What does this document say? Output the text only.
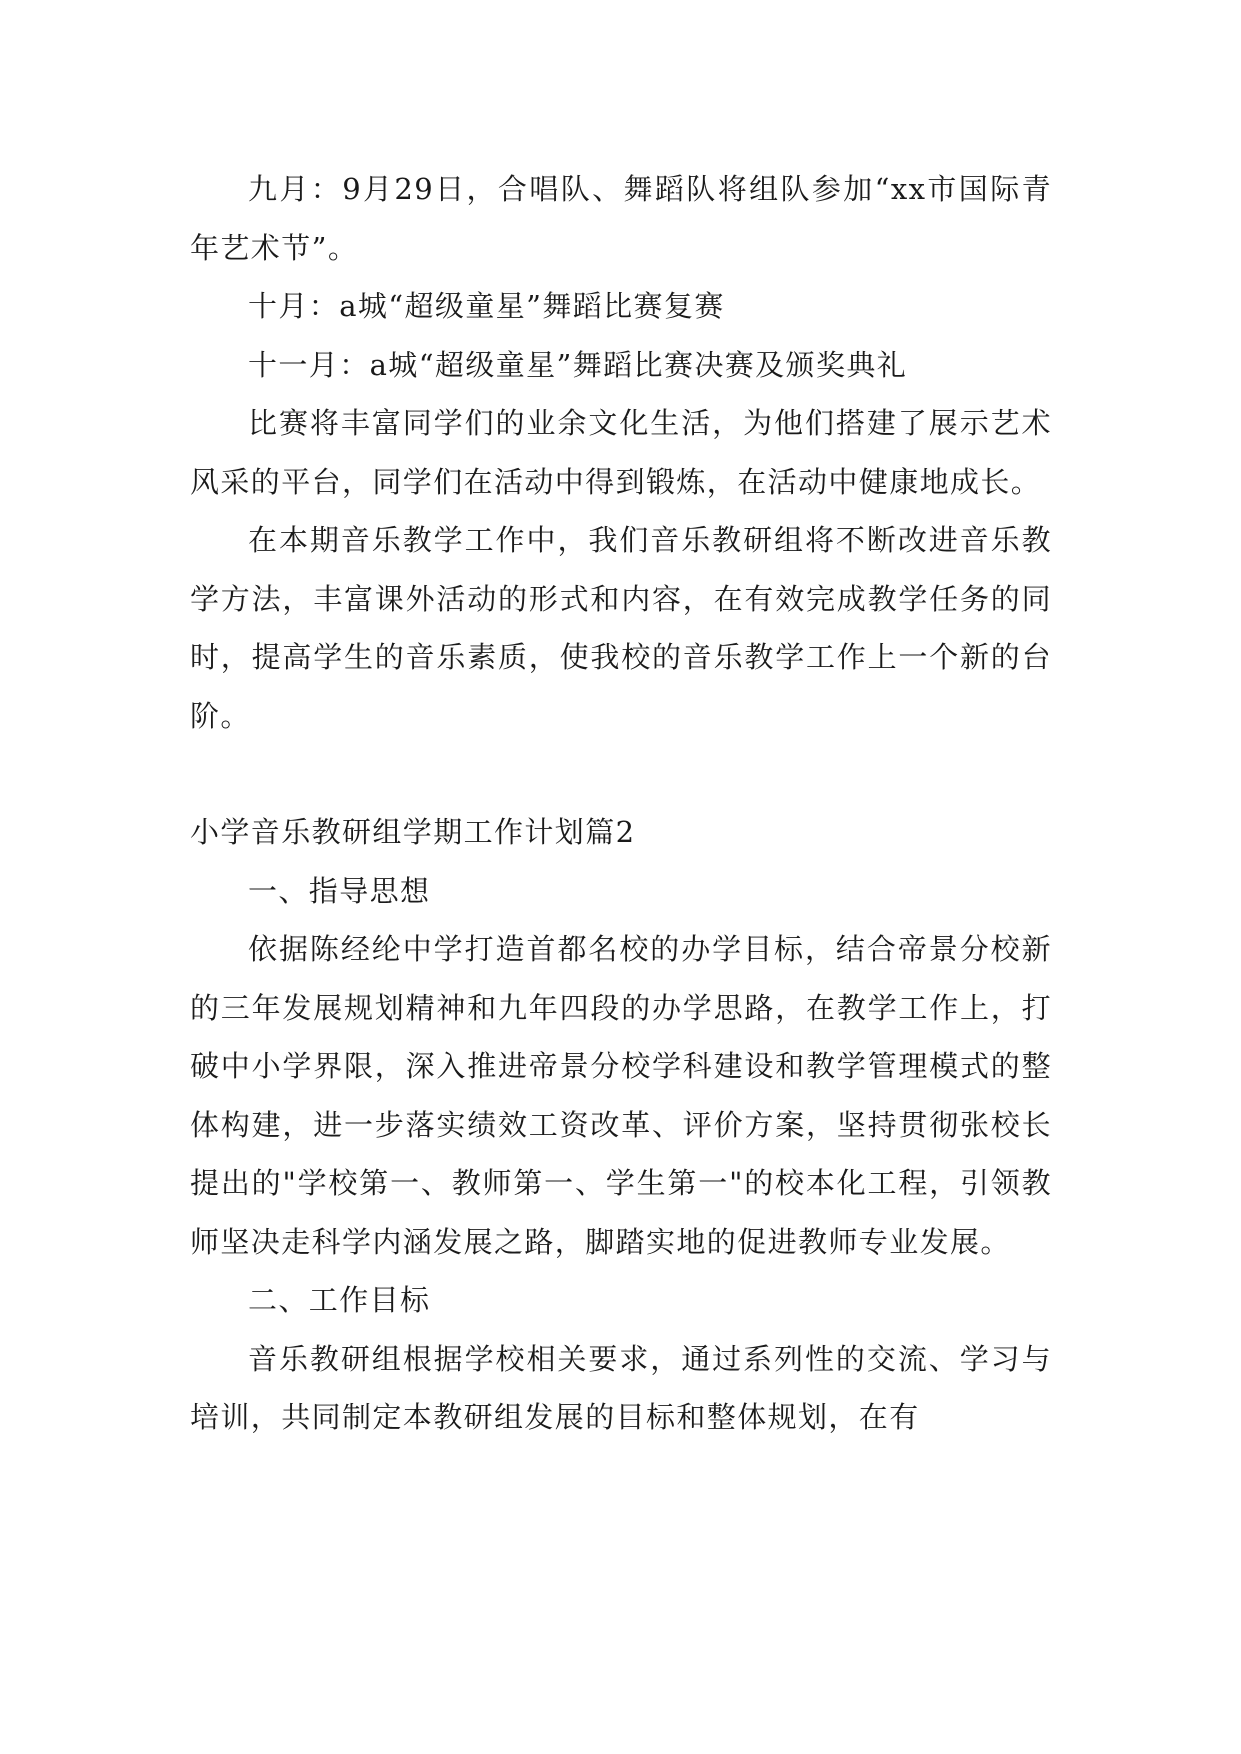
九月：9月29日，合唱队、舞蹈队将组队参加“xx市国际青年艺术节”。

十月：a城“超级童星”舞蹈比赛复赛

十一月：a城“超级童星”舞蹈比赛决赛及颁奖典礼

比赛将丰富同学们的业余文化生活，为他们搭建了展示艺术风采的平台，同学们在活动中得到锻炼，在活动中健康地成长。

在本期音乐教学工作中，我们音乐教研组将不断改进音乐教学方法，丰富课外活动的形式和内容，在有效完成教学任务的同时，提高学生的音乐素质，使我校的音乐教学工作上一个新的台阶。

小学音乐教研组学期工作计划篇2

一、指导思想

依据陈经纶中学打造首都名校的办学目标，结合帝景分校新的三年发展规划精神和九年四段的办学思路，在教学工作上，打破中小学界限，深入推进帝景分校学科建设和教学管理模式的整体构建，进一步落实绩效工资改革、评价方案，坚持贯彻张校长提出的"学校第一、教师第一、学生第一"的校本化工程，引领教师坚决走科学内涵发展之路，脚踏实地的促进教师专业发展。

二、工作目标

音乐教研组根据学校相关要求，通过系列性的交流、学习与培训，共同制定本教研组发展的目标和整体规划，在有
